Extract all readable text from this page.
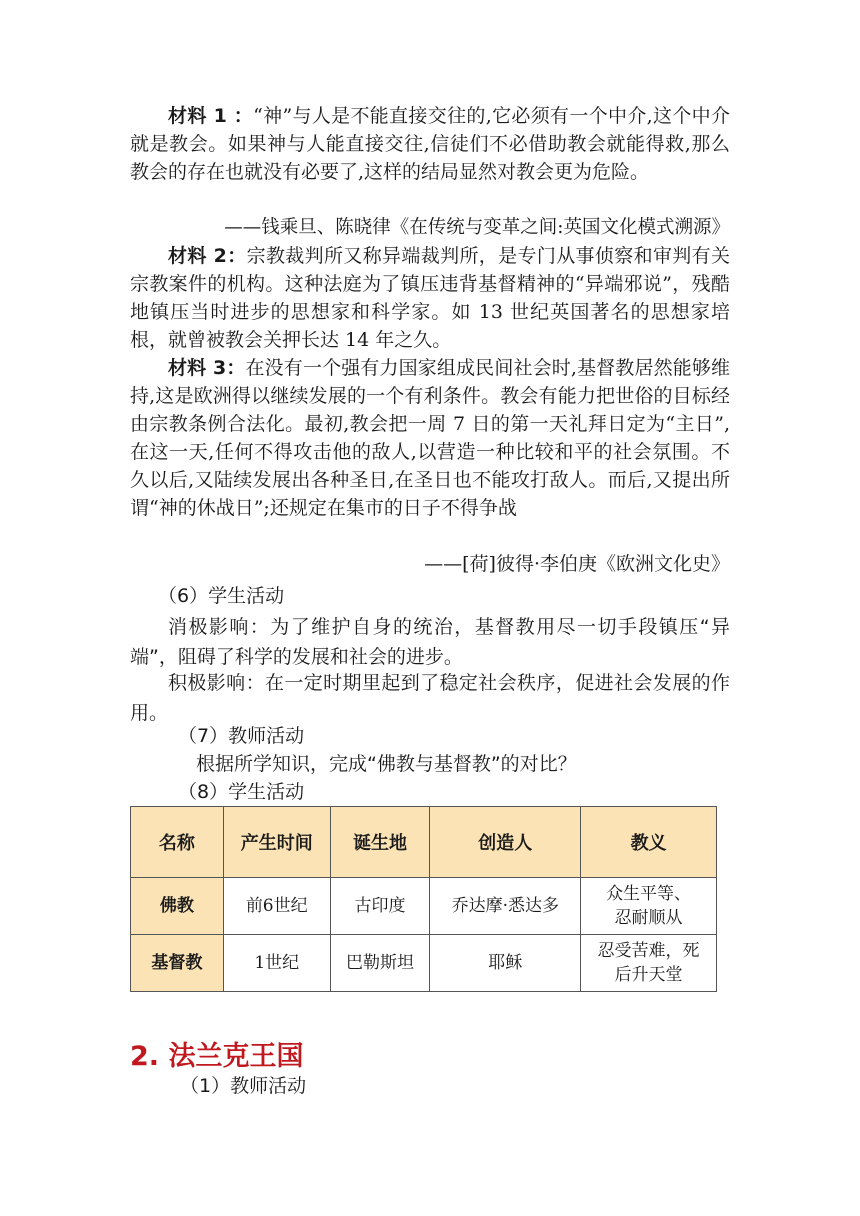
材料 1 ：“神”与人是不能直接交往的,它必须有一个中介,这个中介就是教会。如果神与人能直接交往,信徒们不必借助教会就能得救,那么教会的存在也就没有必要了,这样的结局显然对教会更为危险。

——钱乘旦、陈晓律《在传统与变革之间:英国文化模式溯源》

材料 2：宗教裁判所又称异端裁判所，是专门从事侦察和审判有关宗教案件的机构。这种法庭为了镇压违背基督精神的“异端邪说”，残酷地镇压当时进步的思想家和科学家。如 13 世纪英国著名的思想家培根，就曾被教会关押长达 14 年之久。

材料 3：在没有一个强有力国家组成民间社会时,基督教居然能够维持,这是欧洲得以继续发展的一个有利条件。教会有能力把世俗的目标经由宗教条例合法化。最初,教会把一周 7 日的第一天礼拜日定为“主日”,在这一天,任何不得攻击他的敌人,以营造一种比较和平的社会氛围。不久以后,又陆续发展出各种圣日,在圣日也不能攻打敌人。而后,又提出所谓“神的休战日”;还规定在集市的日子不得争战

——[荷]彼得·李伯庚《欧洲文化史》

（6）学生活动

消极影响：为了维护自身的统治，基督教用尽一切手段镇压“异端”，阻碍了科学的发展和社会的进步。

积极影响：在一定时期里起到了稳定社会秩序，促进社会发展的作用。

（7）教师活动
根据所学知识，完成“佛教与基督教”的对比？
（8）学生活动
名称	产生时间	诞生地	创造人	教义
佛教	前6世纪	古印度	乔达摩·悉达多	众生平等、忍耐顺从
基督教	1世纪	巴勒斯坦	耶稣	忍受苦难，死后升天堂
2. 法兰克王国
（1）教师活动
